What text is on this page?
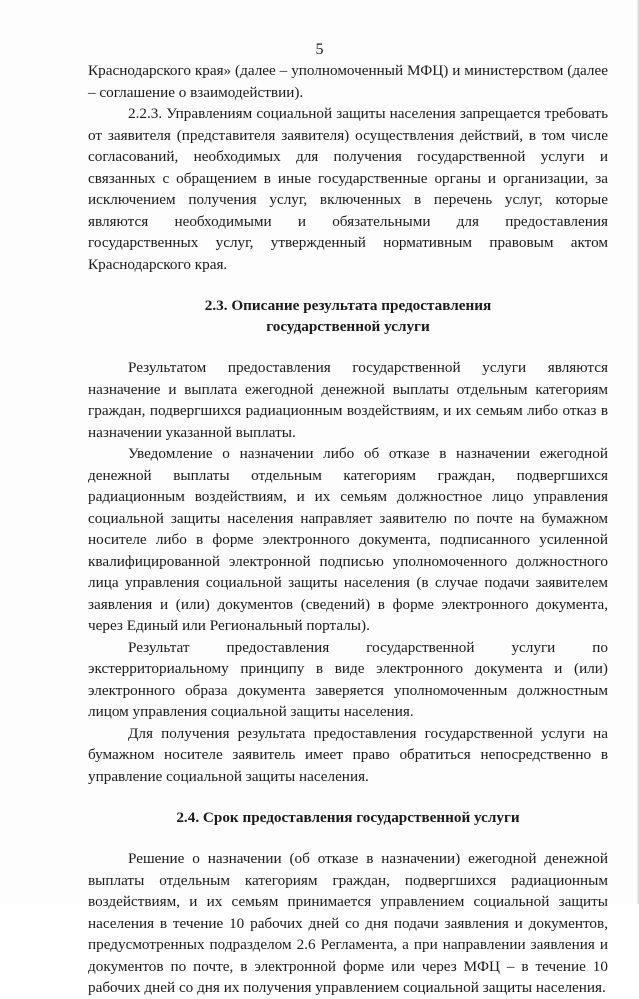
5

Краснодарского края» (далее – уполномоченный МФЦ) и министерством (далее – соглашение о взаимодействии).

2.2.3. Управлениям социальной защиты населения запрещается требовать от заявителя (представителя заявителя) осуществления действий, в том числе согласований, необходимых для получения государственной услуги и связанных с обращением в иные государственные органы и организации, за исключением получения услуг, включенных в перечень услуг, которые являются необходимыми и обязательными для предоставления государственных услуг, утвержденный нормативным правовым актом Краснодарского края.

2.3. Описание результата предоставления
государственной услуги

Результатом предоставления государственной услуги являются назначение и выплата ежегодной денежной выплаты отдельным категориям граждан, подвергшихся радиационным воздействиям, и их семьям либо отказ в назначении указанной выплаты.

Уведомление о назначении либо об отказе в назначении ежегодной денежной выплаты отдельным категориям граждан, подвергшихся радиационным воздействиям, и их семьям должностное лицо управления социальной защиты населения направляет заявителю по почте на бумажном носителе либо в форме электронного документа, подписанного усиленной квалифицированной электронной подписью уполномоченного должностного лица управления социальной защиты населения (в случае подачи заявителем заявления и (или) документов (сведений) в форме электронного документа, через Единый или Региональный порталы).

Результат предоставления государственной услуги по экстерриториальному принципу в виде электронного документа и (или) электронного образа документа заверяется уполномоченным должностным лицом управления социальной защиты населения.

Для получения результата предоставления государственной услуги на бумажном носителе заявитель имеет право обратиться непосредственно в управление социальной защиты населения.

2.4. Срок предоставления государственной услуги

Решение о назначении (об отказе в назначении) ежегодной денежной выплаты отдельным категориям граждан, подвергшихся радиационным воздействиям, и их семьям принимается управлением социальной защиты населения в течение 10 рабочих дней со дня подачи заявления и документов, предусмотренных подразделом 2.6 Регламента, а при направлении заявления и документов по почте, в электронной форме или через МФЦ – в течение 10 рабочих дней со дня их получения управлением социальной защиты населения.
